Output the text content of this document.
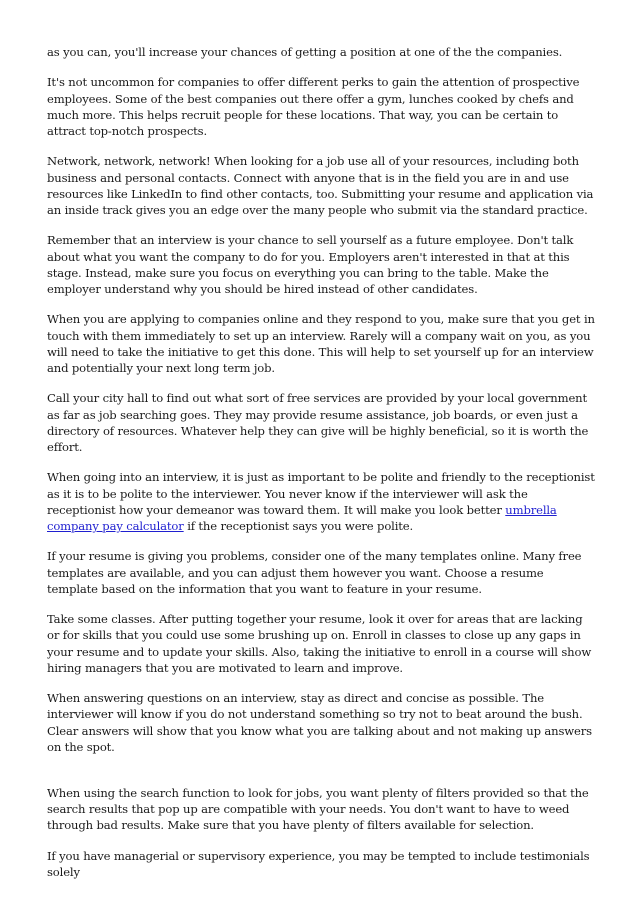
as you can, you'll increase your chances of getting a position at one of the the companies.

It's not uncommon for companies to offer different perks to gain the attention of prospective employees. Some of the best companies out there offer a gym, lunches cooked by chefs and much more. This helps recruit people for these locations. That way, you can be certain to attract top-notch prospects.

Network, network, network! When looking for a job use all of your resources, including both business and personal contacts. Connect with anyone that is in the field you are in and use resources like LinkedIn to find other contacts, too. Submitting your resume and application via an inside track gives you an edge over the many people who submit via the standard practice.

Remember that an interview is your chance to sell yourself as a future employee. Don't talk about what you want the company to do for you. Employers aren't interested in that at this stage. Instead, make sure you focus on everything you can bring to the table. Make the employer understand why you should be hired instead of other candidates.

When you are applying to companies online and they respond to you, make sure that you get in touch with them immediately to set up an interview. Rarely will a company wait on you, as you will need to take the initiative to get this done. This will help to set yourself up for an interview and potentially your next long term job.

Call your city hall to find out what sort of free services are provided by your local government as far as job searching goes. They may provide resume assistance, job boards, or even just a directory of resources. Whatever help they can give will be highly beneficial, so it is worth the effort.

When going into an interview, it is just as important to be polite and friendly to the receptionist as it is to be polite to the interviewer. You never know if the interviewer will ask the receptionist how your demeanor was toward them. It will make you look better umbrella company pay calculator if the receptionist says you were polite.

If your resume is giving you problems, consider one of the many templates online. Many free templates are available, and you can adjust them however you want. Choose a resume template based on the information that you want to feature in your resume.

Take some classes. After putting together your resume, look it over for areas that are lacking or for skills that you could use some brushing up on. Enroll in classes to close up any gaps in your resume and to update your skills. Also, taking the initiative to enroll in a course will show hiring managers that you are motivated to learn and improve.

When answering questions on an interview, stay as direct and concise as possible. The interviewer will know if you do not understand something so try not to beat around the bush. Clear answers will show that you know what you are talking about and not making up answers on the spot.

When using the search function to look for jobs, you want plenty of filters provided so that the search results that pop up are compatible with your needs. You don't want to have to weed through bad results. Make sure that you have plenty of filters available for selection.

If you have managerial or supervisory experience, you may be tempted to include testimonials solely
